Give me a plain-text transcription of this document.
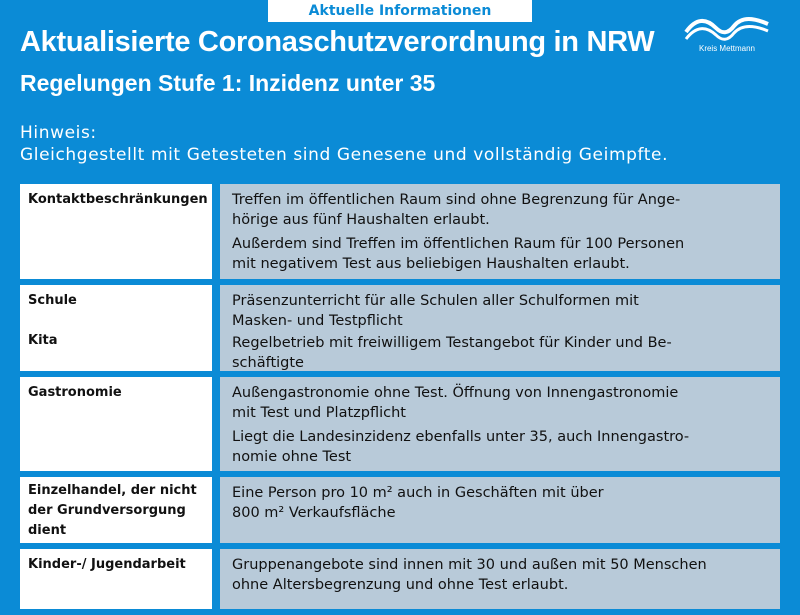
Aktuelle Informationen
Kreis Mettmann
Aktualisierte Coronaschutzverordnung in NRW
Regelungen Stufe 1: Inzidenz unter 35
Hinweis:
Gleichgestellt mit Getesteten sind Genesene und vollständig Geimpfte.
Kontaktbeschränkungen Treffen im öffentlichen Raum sind ohne Begrenzung für Ange-
hörige aus fünf Haushalten erlaubt.

Außerdem sind Treffen im öffentlichen Raum für 100 Personen
mit negativem Test aus beliebigen Haushalten erlaubt.

Schule
Kita

Präsenzunterricht für alle Schulen aller Schulformen mit
Masken- und Testpflicht

Regelbetrieb mit freiwilligem Testangebot für Kinder und Be-
schäftigte

Gastronomie	Außengastronomie ohne Test. Öffnung von Innengastronomie
mit Test und Platzpflicht

Liegt die Landesinzidenz ebenfalls unter 35, auch Innengastro-
nomie ohne Test

Einzelhandel, der nicht
der Grundversorgung
dient

Eine Person pro 10 m² auch in Geschäften mit über
800 m² Verkaufsfläche

Kinder-/ Jugendarbeit	Gruppenangebote sind innen mit 30 und außen mit 50 Menschen
ohne Altersbegrenzung und ohne Test erlaubt.
